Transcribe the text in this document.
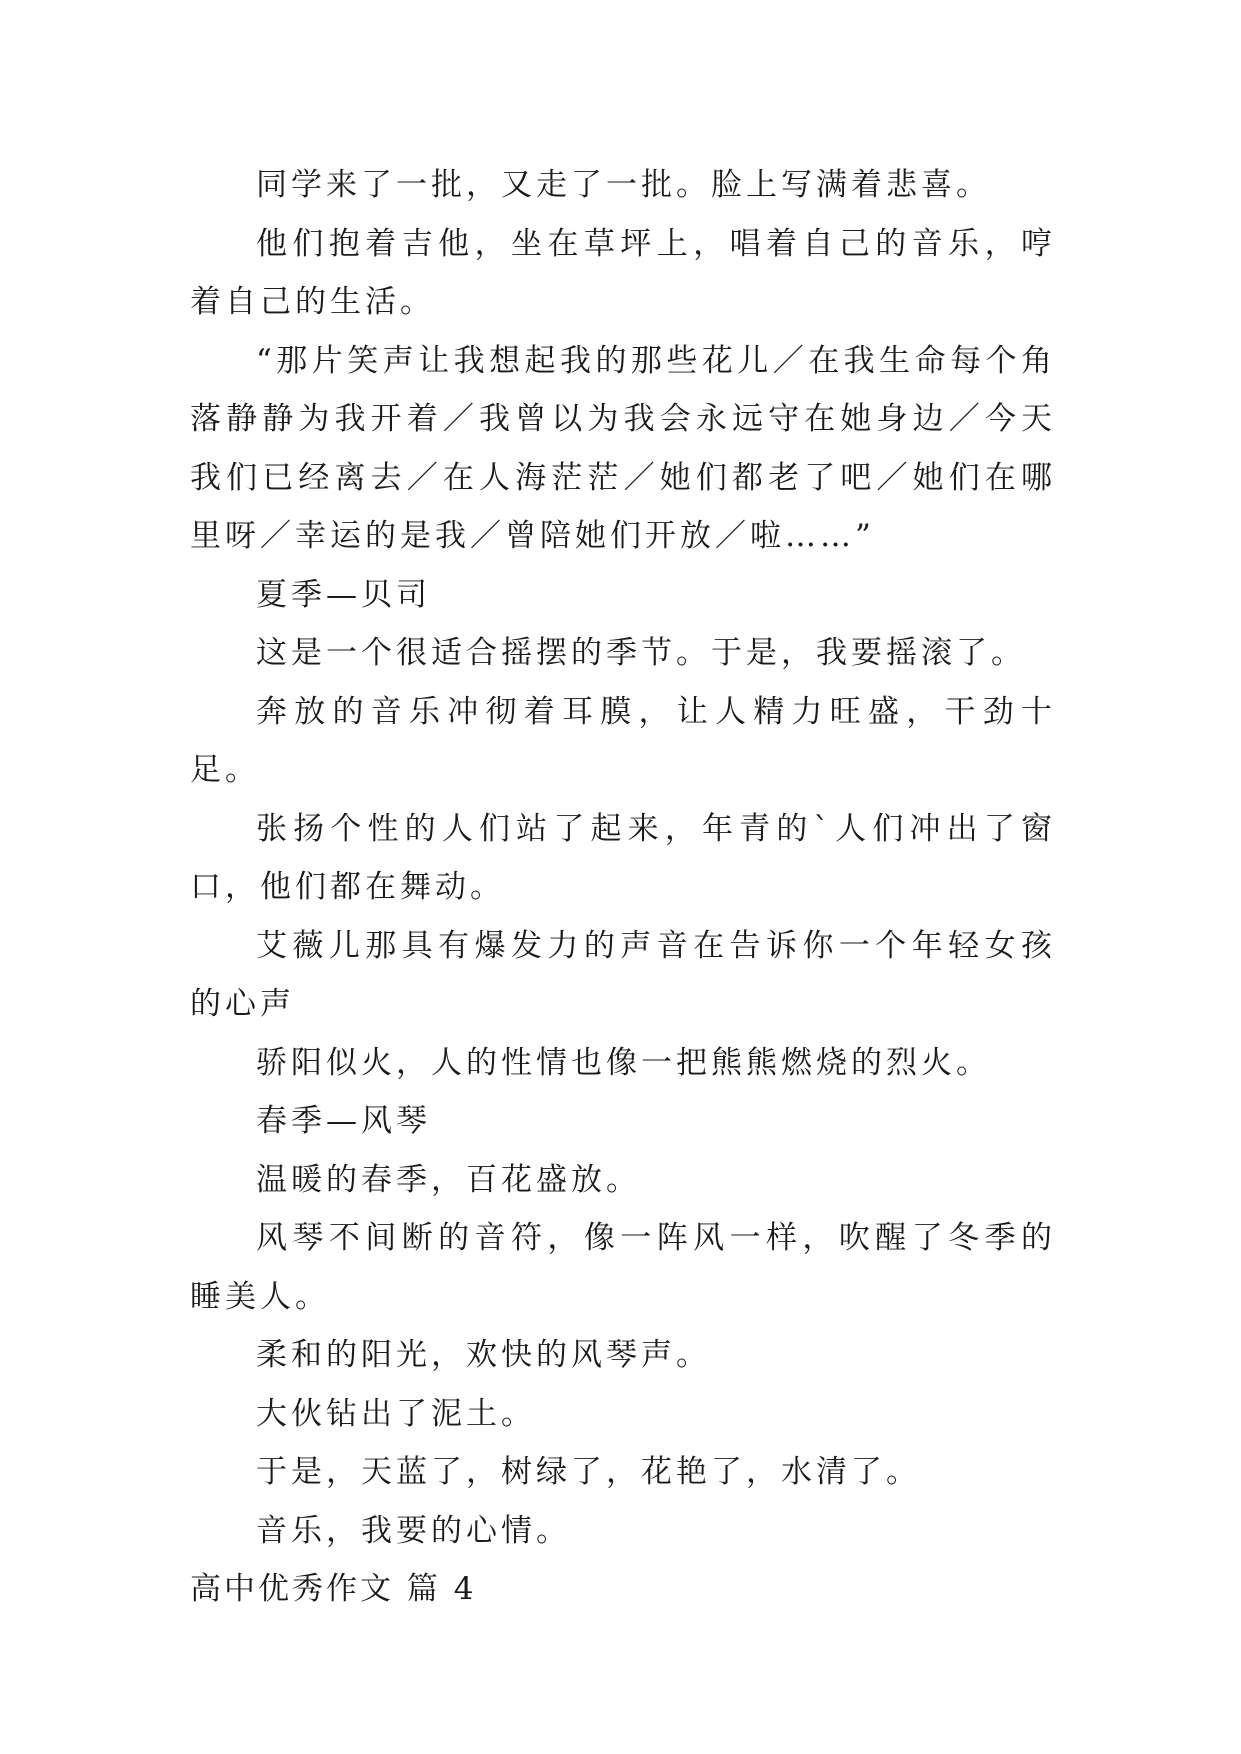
同学来了一批，又走了一批。脸上写满着悲喜。

他们抱着吉他，坐在草坪上，唱着自己的音乐，哼着自己的生活。

“那片笑声让我想起我的那些花儿／在我生命每个角落静静为我开着／我曾以为我会永远守在她身边／今天我们已经离去／在人海茫茫／她们都老了吧／她们在哪里呀／幸运的是我／曾陪她们开放／啦……”

夏季—贝司

这是一个很适合摇摆的季节。于是，我要摇滚了。

奔放的音乐冲彻着耳膜，让人精力旺盛，干劲十足。

张扬个性的人们站了起来，年青的`人们冲出了窗口，他们都在舞动。

艾薇儿那具有爆发力的声音在告诉你一个年轻女孩的心声

骄阳似火，人的性情也像一把熊熊燃烧的烈火。

春季—风琴

温暖的春季，百花盛放。

风琴不间断的音符，像一阵风一样，吹醒了冬季的睡美人。

柔和的阳光，欢快的风琴声。

大伙钻出了泥土。

于是，天蓝了，树绿了，花艳了，水清了。

音乐，我要的心情。

高中优秀作文 篇 4
